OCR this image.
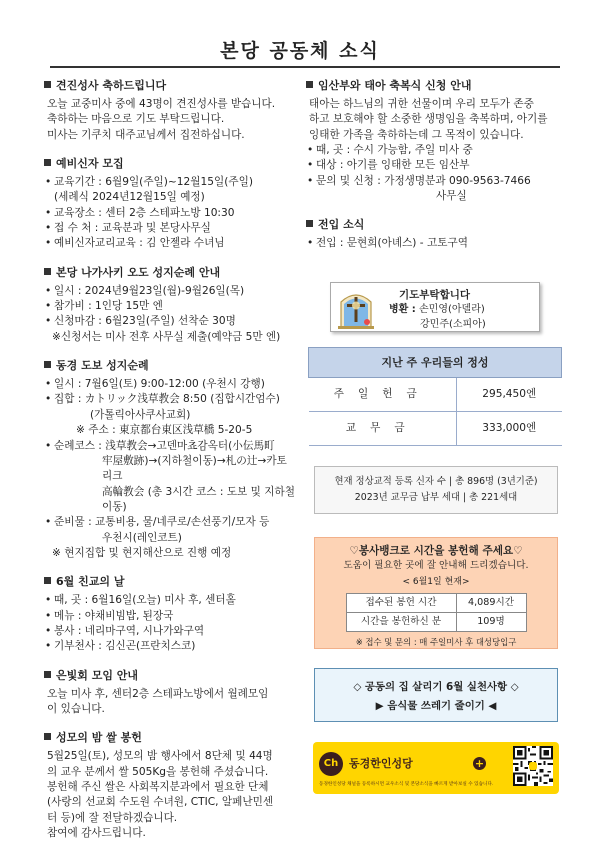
본당 공동체 소식
견진성사 축하드립니다
오늘 교중미사 중에 43명이 견진성사를 받습니다.
축하하는 마음으로 기도 부탁드립니다.
미사는 기쿠치 대주교님께서 집전하십니다.
예비신자 모집
• 교육기간 : 6월9일(주일)~12월15일(주일)
(세례식 2024년12월15일 예정)
• 교육장소 : 센터 2층 스테파노방 10:30
• 접 수 처 : 교육분과 및 본당사무실
• 예비신자교리교육 : 김 안젤라 수녀님
본당 나가사키 오도 성지순례 안내
• 일시 : 2024년9월23일(월)-9월26일(목)
• 참가비 : 1인당 15만 엔
• 신청마감 : 6월23일(주일) 선착순 30명
※신청서는 미사 전후 사무실 제출(예약금 5만 엔)
동경 도보 성지순례
• 일시 : 7월6일(토) 9:00-12:00 (우천시 강행)
• 집합 : カトリック浅草教会 8:50 (집합시간엄수)
(가톨릭아사쿠사교회)
※ 주소 : 東京都台東区浅草橋 5-20-5
• 순례코스 : 浅草教会→고덴마쵸감옥터(小伝馬町
牢屋敷跡)→(지하철이동)→札の辻→카토리크
高輪教会 (총 3시간 코스 : 도보 및 지하철 이동)
• 준비물 : 교통비용, 물/네쿠로/손선풍기/모자 등
우천시(레인코트)
※ 현지집합 및 현지해산으로 진행 예정
6월 친교의 날
• 때, 곳 : 6월16일(오늘) 미사 후, 센터홀
• 메뉴 : 야채비빔밥, 된장국
• 봉사 : 네리마구역, 시나가와구역
• 기부천사 : 김신곤(프란치스코)
은빛회 모임 안내
오늘 미사 후, 센터2층 스테파노방에서 월례모임
이 있습니다.
성모의 밤 쌀 봉헌
5월25일(토), 성모의 밤 행사에서 8단체 및 44명
의 교우 분께서 쌀 505Kg을 봉헌해 주셨습니다.
봉헌해 주신 쌀은 사회복지분과에서 필요한 단체
(사랑의 선교회 수도원 수녀원, CTIC, 알페난민센
터 등)에 잘 전달하겠습니다.
참여에 감사드립니다.
임산부와 태아 축복식 신청 안내
태아는 하느님의 귀한 선물이며 우리 모두가 존중
하고 보호해야 할 소중한 생명임을 축복하며, 아기를
잉태한 가족을 축하하는데 그 목적이 있습니다.
• 때, 곳 : 수시 가능함, 주일 미사 중
• 대상 : 아기를 잉태한 모든 임산부
• 문의 및 신청 : 가정생명분과 090-9563-7466
사무실
전입 소식
• 전입 : 문현희(아녜스) - 고토구역
기도부탁합니다
병환 : 손민영(아델라)
강민주(소피아)
지난 주 우리들의 정성	
주일헌금	295,450엔
교무금	333,000엔
현재 정상교적 등록 신자 수 | 총 896명 (3년기준)
2023년 교무금 납부 세대 | 총 221세대
♡봉사뱅크로 시간을 봉헌해 주세요♡
도움이 필요한 곳에 잘 안내해 드리겠습니다.
< 6월1일 현재>
접수된 봉헌 시간	4,089시간
시간을 봉헌하신 분	109명
※ 접수 및 문의 : 매 주일미사 후 대성당입구
◇ 공동의 집 살리기 6월 실천사항 ◇
▶ 음식물 쓰레기 줄이기 ◀
Ch 동경한인성당	+
동경한인성당 채널을 등록하시면 교우소식 및 본당소식을 빠르게 받아보실 수 있습니다.
